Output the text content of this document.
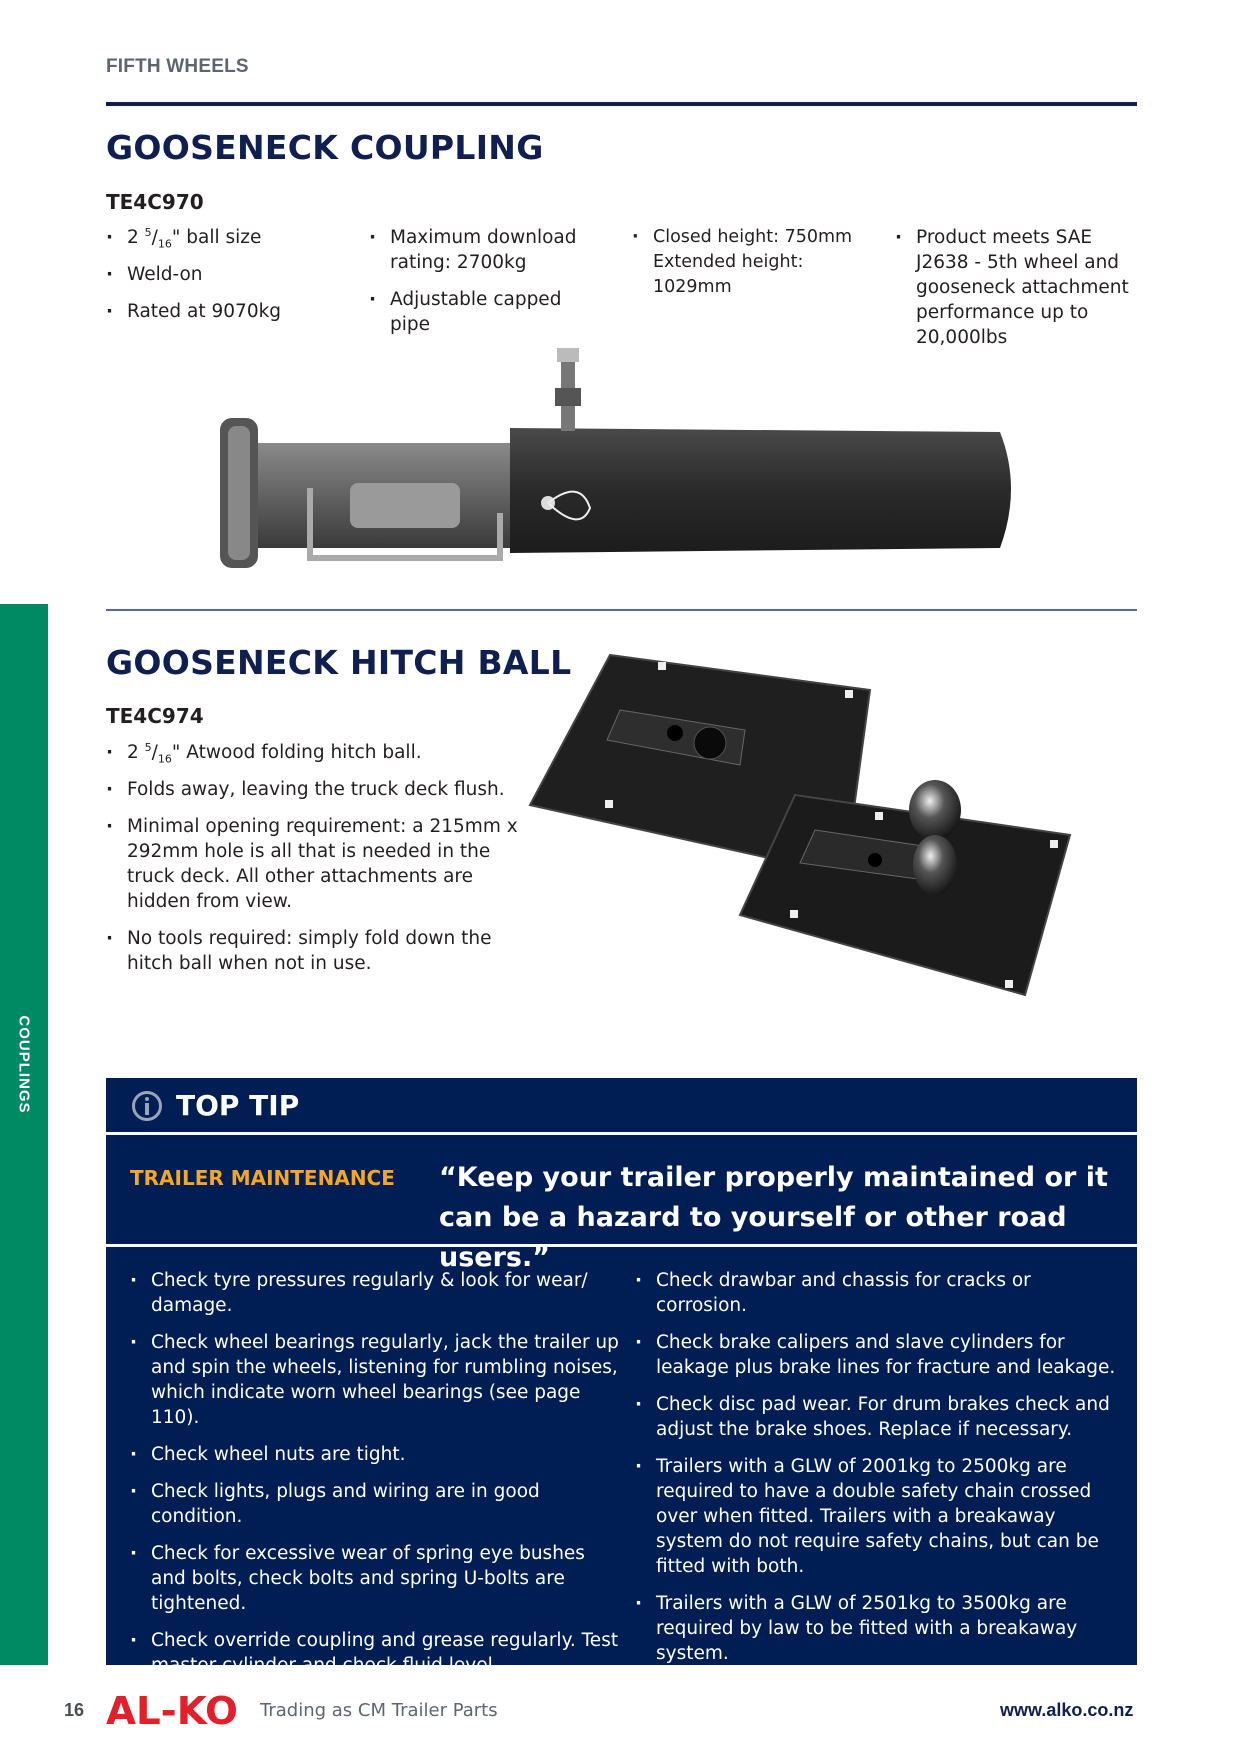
FIFTH WHEELS
GOOSENECK COUPLING
TE4C970
· 2 $^5/_{16}$" ball size
· Weld-on
· Rated at 9070kg
· Maximum download rating: 2700kg
· Adjustable capped pipe
· Closed height: 750mm Extended height: 1029mm
· Product meets SAE J2638 - 5th wheel and gooseneck attachment performance up to 20,000lbs
GOOSENECK HITCH BALL
TE4C974
· 2 $^5/_{16}$" Atwood folding hitch ball.
· Folds away, leaving the truck deck flush.
· Minimal opening requirement: a 215mm x 292mm hole is all that is needed in the truck deck. All other attachments are hidden from view.
· No tools required: simply fold down the hitch ball when not in use.
COUPLINGS	TOP TIP
TRAILER MAINTENANCE “Keep your trailer properly maintained or it can be a hazard to yourself or other road users.”
· Check tyre pressures regularly & look for wear/ damage.
· Check wheel bearings regularly, jack the trailer up and spin the wheels, listening for rumbling noises, which indicate worn wheel bearings (see page 110).
· Check wheel nuts are tight.
· Check lights, plugs and wiring are in good condition.
· Check for excessive wear of spring eye bushes and bolts, check bolts and spring U-bolts are tightened.
· Check override coupling and grease regularly. Test master cylinder and check fluid level.
· Check drawbar and chassis for cracks or corrosion.
· Check brake calipers and slave cylinders for leakage plus brake lines for fracture and leakage.
· Check disc pad wear. For drum brakes check and adjust the brake shoes. Replace if necessary.
· Trailers with a GLW of 2001kg to 2500kg are required to have a double safety chain crossed over when fitted. Trailers with a breakaway system do not require safety chains, but can be fitted with both.
· Trailers with a GLW of 2501kg to 3500kg are required by law to be fitted with a breakaway system.
16 AL-KO Trading as CM Trailer Parts	www.alko.co.nz
